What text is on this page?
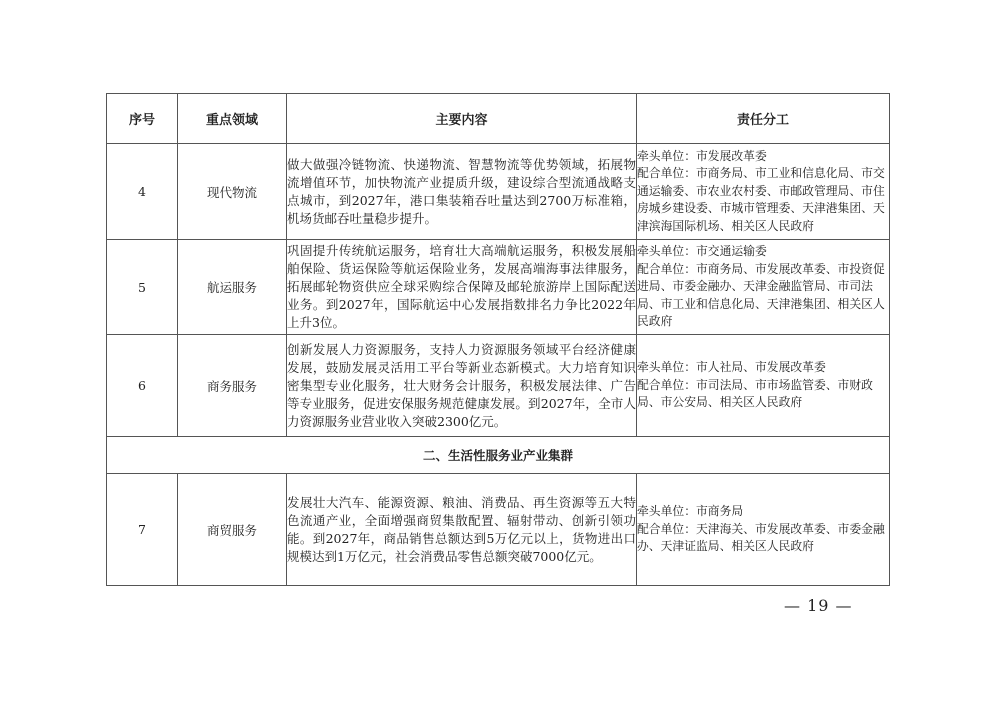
序号	重点领域	主要内容	责任分工
4	现代物流	做大做强冷链物流、快递物流、智慧物流等优势领域，拓展物流增值环节，加快物流产业提质升级，建设综合型流通战略支点城市，到2027年，港口集装箱吞吐量达到2700万标准箱，机场货邮吞吐量稳步提升。	牵头单位：市发展改革委
配合单位：市商务局、市工业和信息化局、市交通运输委、市农业农村委、市邮政管理局、市住房城乡建设委、市城市管理委、天津港集团、天津滨海国际机场、相关区人民政府

5	航运服务	巩固提升传统航运服务，培育壮大高端航运服务，积极发展船舶保险、货运保险等航运保险业务，发展高端海事法律服务，拓展邮轮物资供应全球采购综合保障及邮轮旅游岸上国际配送业务。到2027年，国际航运中心发展指数排名力争比2022年上升3位。	牵头单位：市交通运输委
配合单位：市商务局、市发展改革委、市投资促进局、市委金融办、天津金融监管局、市司法局、市工业和信息化局、天津港集团、相关区人民政府

6	商务服务	创新发展人力资源服务，支持人力资源服务领域平台经济健康发展，鼓励发展灵活用工平台等新业态新模式。大力培育知识密集型专业化服务，壮大财务会计服务，积极发展法律、广告等专业服务，促进安保服务规范健康发展。到2027年，全市人力资源服务业营业收入突破2300亿元。	牵头单位：市人社局、市发展改革委
配合单位：市司法局、市市场监管委、市财政局、市公安局、相关区人民政府

二、生活性服务业产业集群			
7	商贸服务	发展壮大汽车、能源资源、粮油、消费品、再生资源等五大特色流通产业，全面增强商贸集散配置、辐射带动、创新引领功能。到2027年，商品销售总额达到5万亿元以上，货物进出口规模达到1万亿元，社会消费品零售总额突破7000亿元。	牵头单位：市商务局
配合单位：天津海关、市发展改革委、市委金融办、天津证监局、相关区人民政府
— 19 —
